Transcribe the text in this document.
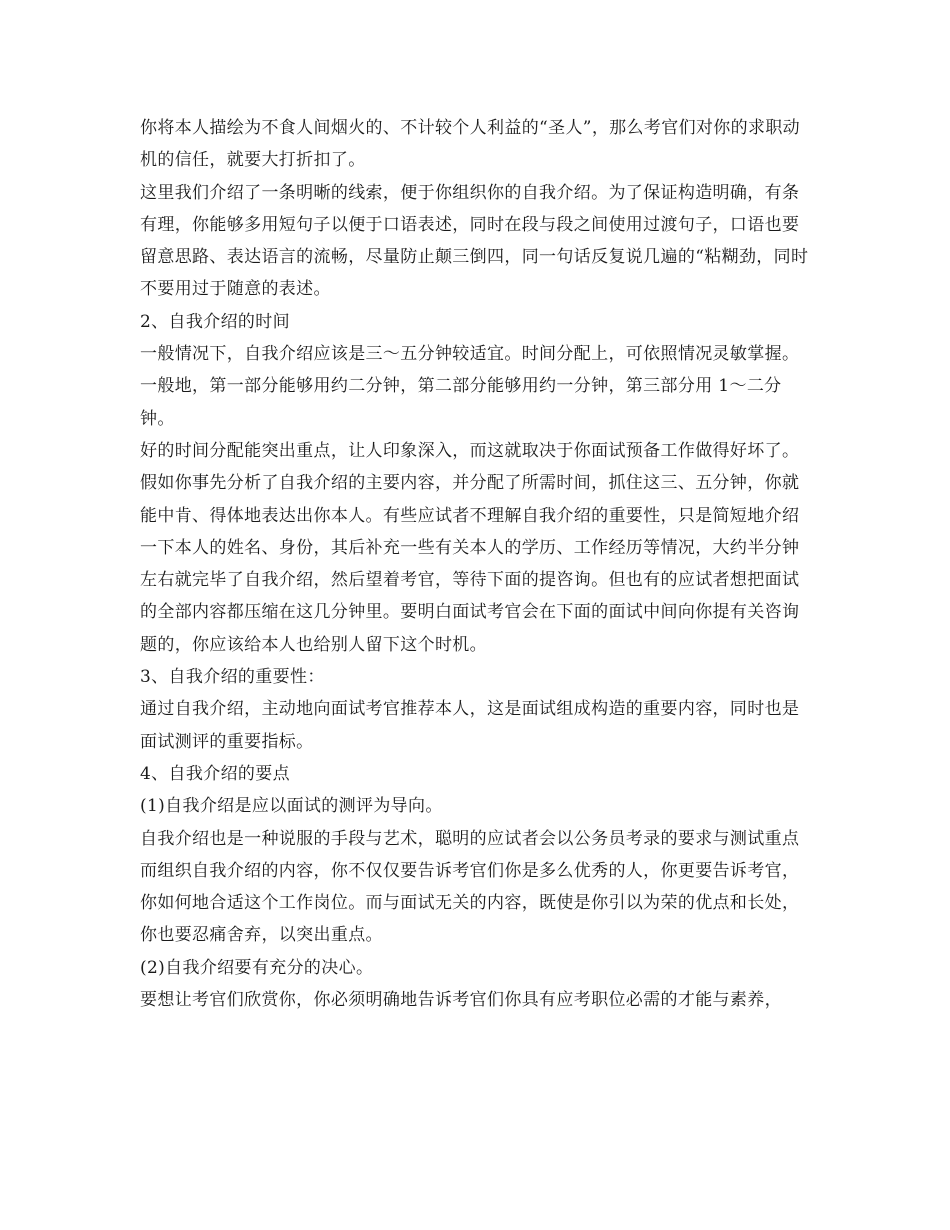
你将本人描绘为不食人间烟火的、不计较个人利益的“圣人”，那么考官们对你的求职动机的信任，就要大打折扣了。

这里我们介绍了一条明晰的线索，便于你组织你的自我介绍。为了保证构造明确，有条有理，你能够多用短句子以便于口语表述，同时在段与段之间使用过渡句子，口语也要留意思路、表达语言的流畅，尽量防止颠三倒四，同一句话反复说几遍的“粘糊劲，同时不要用过于随意的表述。

2、自我介绍的时间

一般情况下，自我介绍应该是三～五分钟较适宜。时间分配上，可依照情况灵敏掌握。一般地，第一部分能够用约二分钟，第二部分能够用约一分钟，第三部分用 1～二分钟。

好的时间分配能突出重点，让人印象深入，而这就取决于你面试预备工作做得好坏了。假如你事先分析了自我介绍的主要内容，并分配了所需时间，抓住这三、五分钟，你就能中肯、得体地表达出你本人。有些应试者不理解自我介绍的重要性，只是简短地介绍一下本人的姓名、身份，其后补充一些有关本人的学历、工作经历等情况，大约半分钟左右就完毕了自我介绍，然后望着考官，等待下面的提咨询。但也有的应试者想把面试的全部内容都压缩在这几分钟里。要明白面试考官会在下面的面试中间向你提有关咨询题的，你应该给本人也给别人留下这个时机。

3、自我介绍的重要性：

通过自我介绍，主动地向面试考官推荐本人，这是面试组成构造的重要内容，同时也是面试测评的重要指标。

4、自我介绍的要点

(1)自我介绍是应以面试的测评为导向。

自我介绍也是一种说服的手段与艺术，聪明的应试者会以公务员考录的要求与测试重点而组织自我介绍的内容，你不仅仅要告诉考官们你是多么优秀的人，你更要告诉考官，你如何地合适这个工作岗位。而与面试无关的内容，既使是你引以为荣的优点和长处，你也要忍痛舍弃，以突出重点。

(2)自我介绍要有充分的决心。

要想让考官们欣赏你，你必须明确地告诉考官们你具有应考职位必需的才能与素养，
